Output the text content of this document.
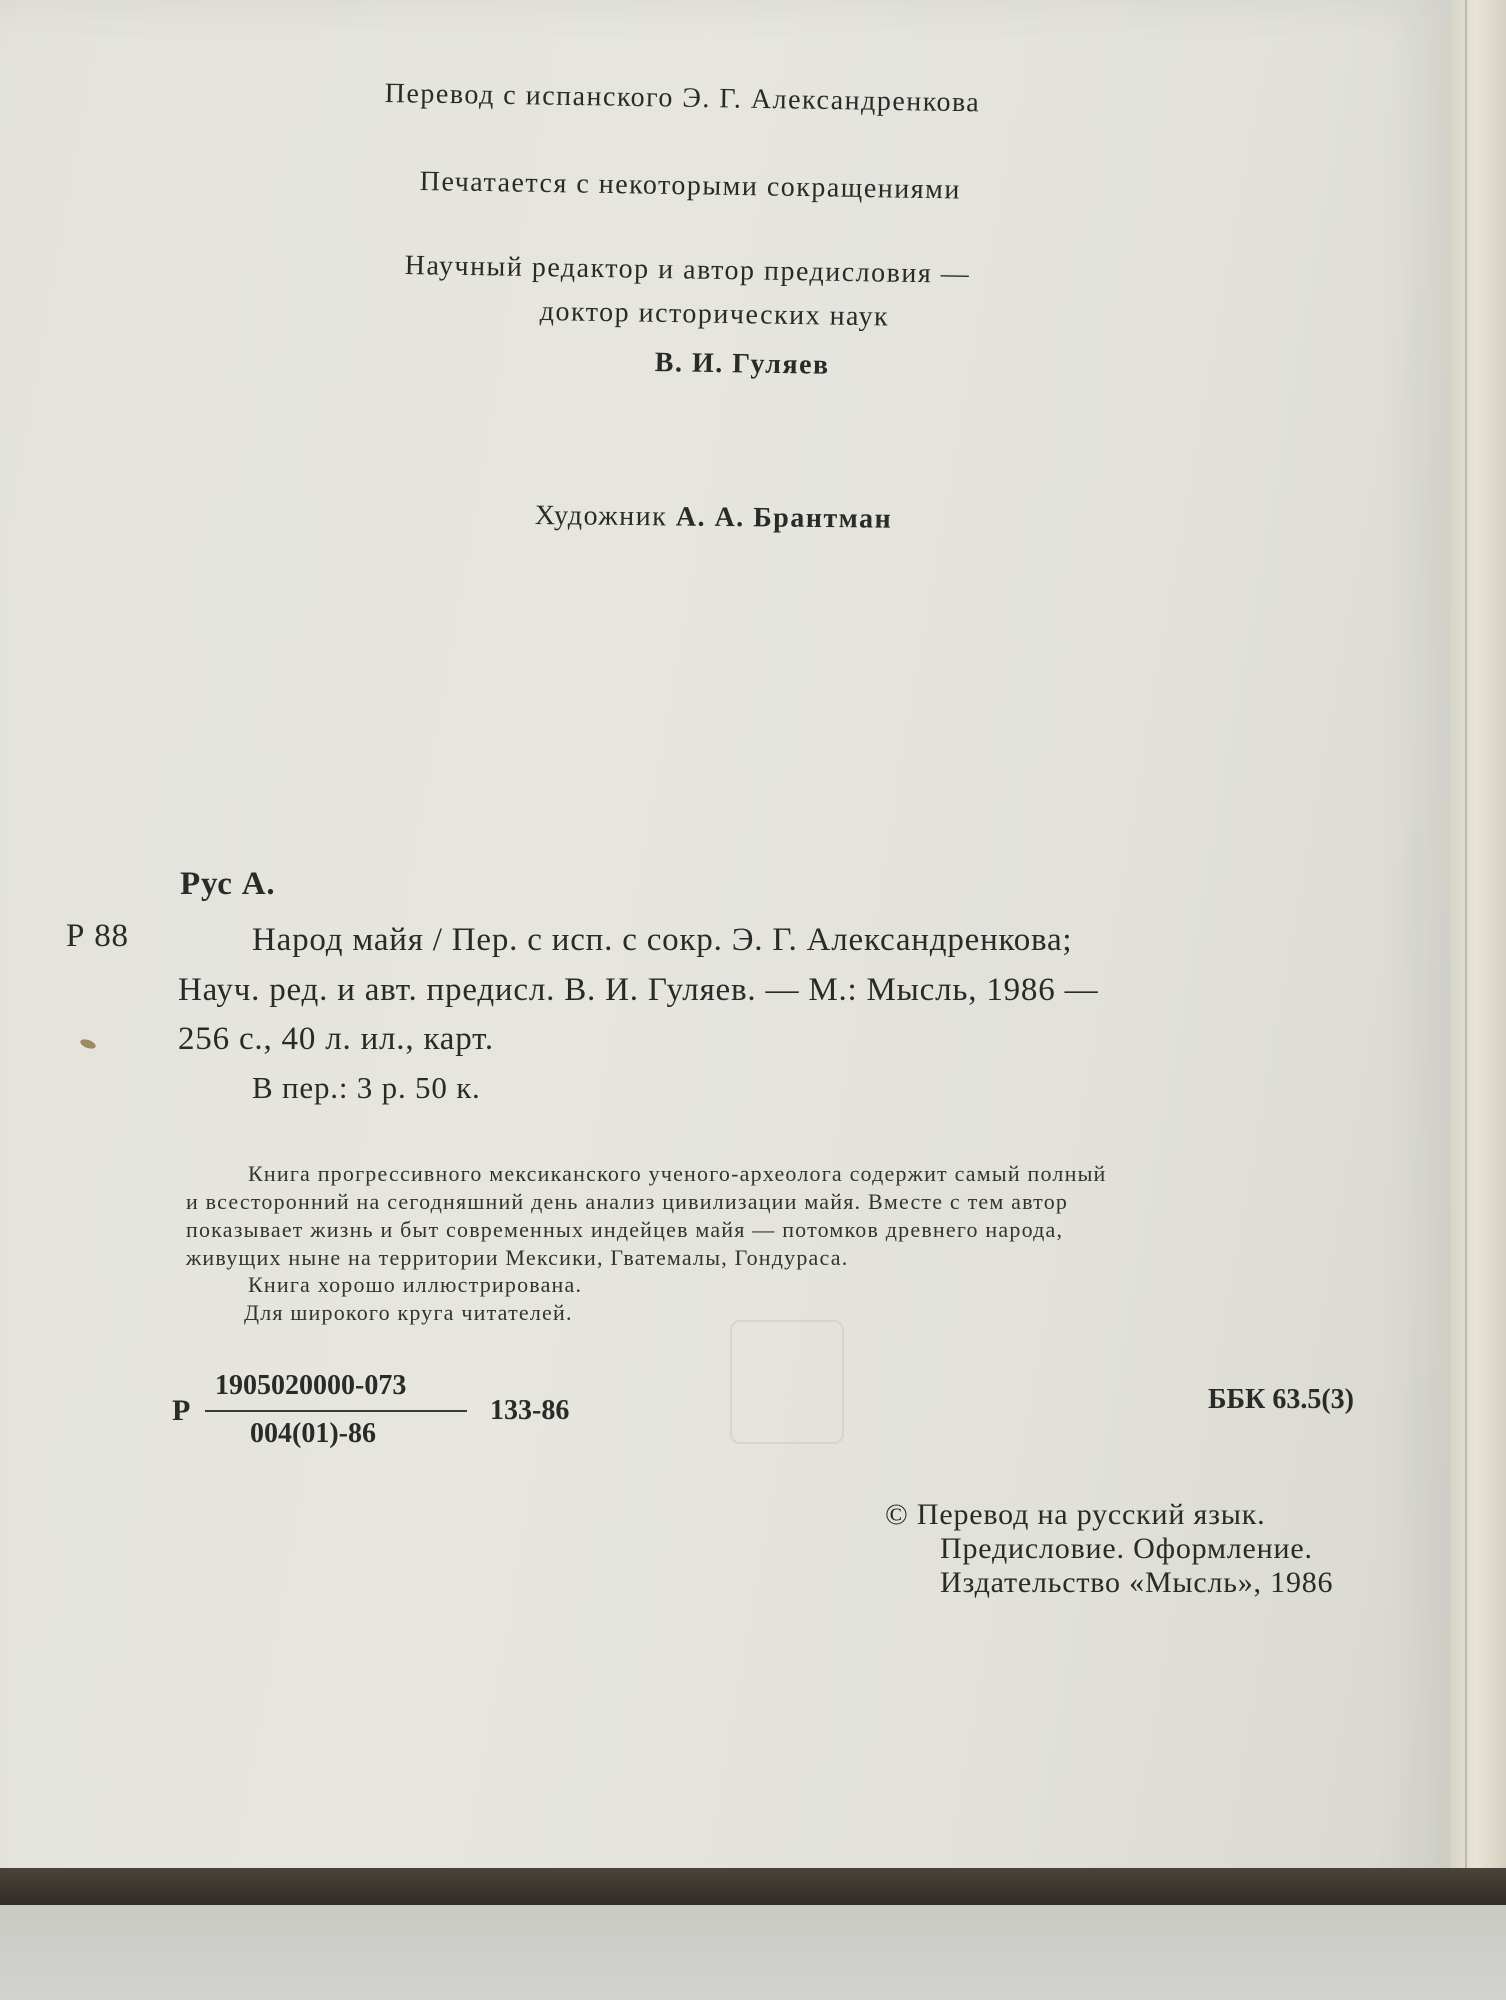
Перевод с испанского Э. Г. Александренкова
Печатается с некоторыми сокращениями
Научный редактор и автор предисловия —
доктор исторических наук
В. И. Гуляев
Художник А. А. Брантман
Рус А.
Р 88	Народ майя / Пер. с исп. с сокр. Э. Г. Александренкова;
Науч. ред. и авт. предисл. В. И. Гуляев. — М.: Мысль, 1986 —
256 с., 40 л. ил., карт.
В пер.: 3 р. 50 к.
Книга прогрессивного мексиканского ученого-археолога содержит самый полный
и всесторонний на сегодняшний день анализ цивилизации майя. Вместе с тем автор
показывает жизнь и быт современных индейцев майя — потомков древнего народа,
живущих ныне на территории Мексики, Гватемалы, Гондураса.
Книга хорошо иллюстрирована.
Для широкого круга читателей.
Р
1905020000-073
004(01)-86
133-86	ББК 63.5(3)
© Перевод на русский язык.
Предисловие. Оформление.
Издательство «Мысль», 1986
